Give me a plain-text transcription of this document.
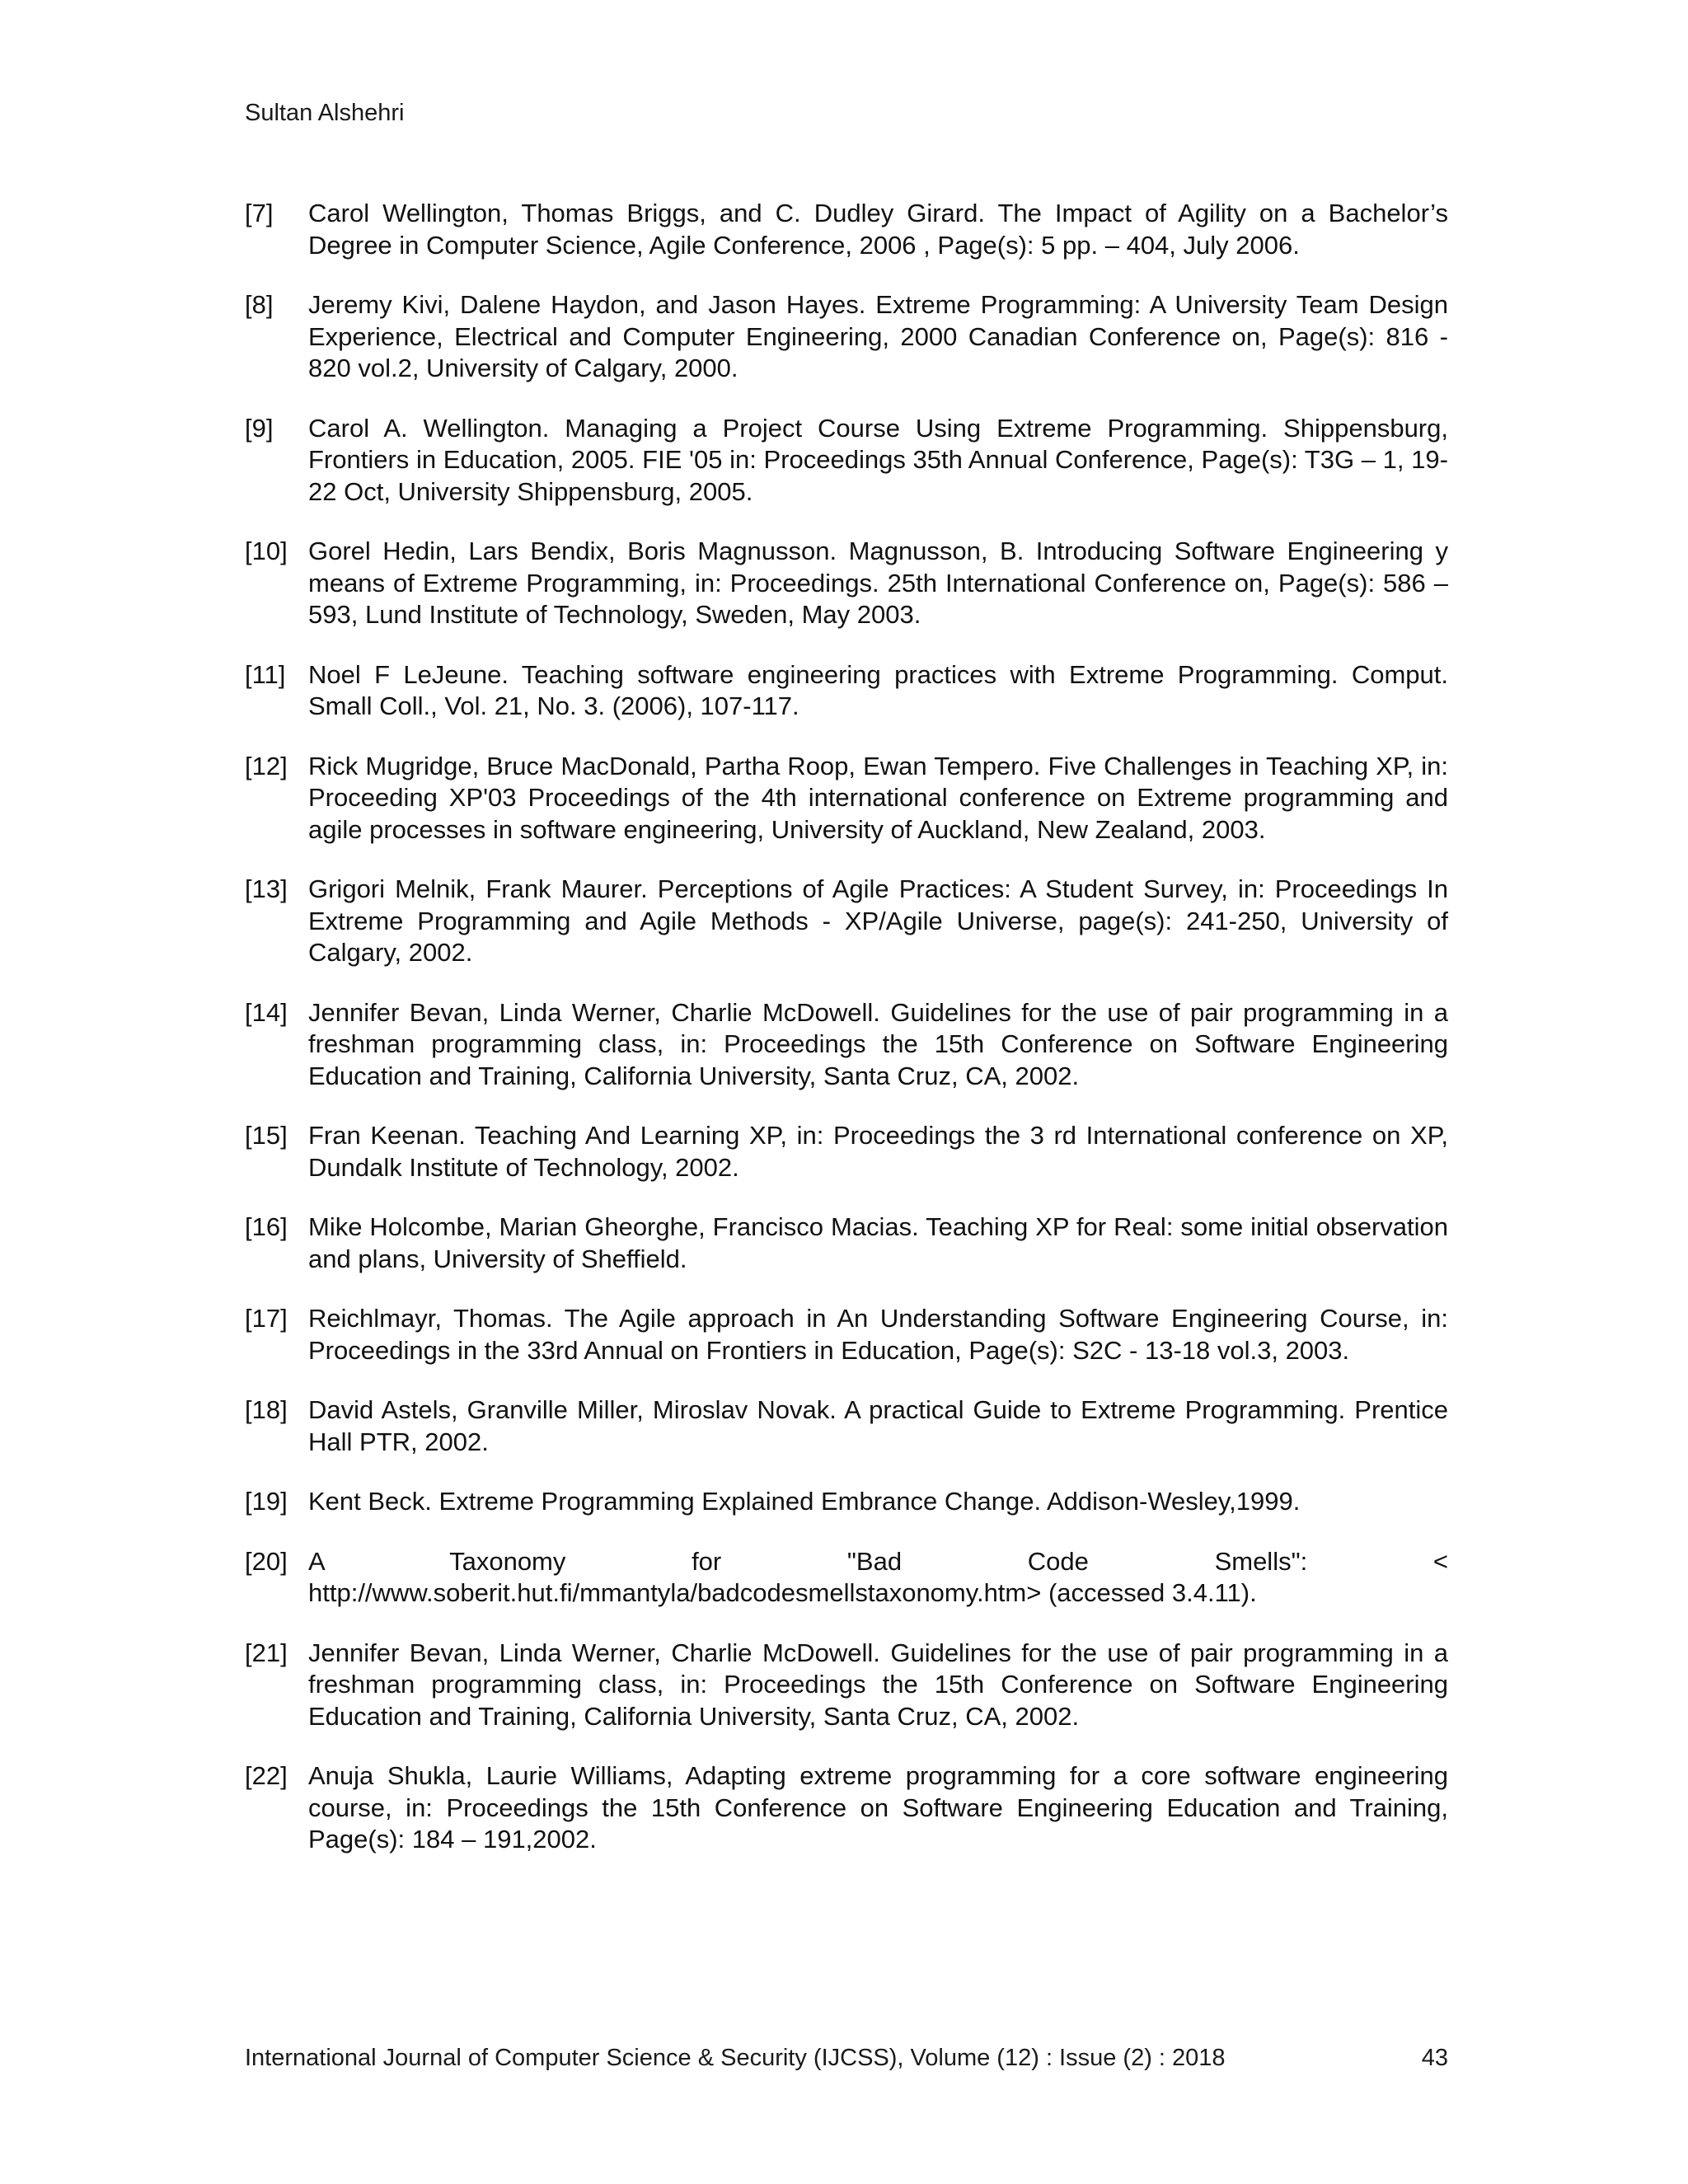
Sultan Alshehri
[7]	Carol Wellington, Thomas Briggs, and C. Dudley Girard. The Impact of Agility on a Bachelor’s Degree in Computer Science, Agile Conference, 2006 , Page(s): 5 pp. – 404, July 2006.
[8]	Jeremy Kivi, Dalene Haydon, and Jason Hayes. Extreme Programming: A University Team Design Experience, Electrical and Computer Engineering, 2000 Canadian Conference on, Page(s): 816 - 820 vol.2, University of Calgary, 2000.
[9]	Carol A. Wellington. Managing a Project Course Using Extreme Programming. Shippensburg, Frontiers in Education, 2005. FIE '05 in: Proceedings 35th Annual Conference, Page(s): T3G – 1, 19-22 Oct, University Shippensburg, 2005.
[10] Gorel Hedin, Lars Bendix, Boris Magnusson. Magnusson, B. Introducing Software Engineering y means of Extreme Programming, in: Proceedings. 25th International Conference on, Page(s): 586 – 593, Lund Institute of Technology, Sweden, May 2003.
[11] Noel F LeJeune. Teaching software engineering practices with Extreme Programming. Comput. Small Coll., Vol. 21, No. 3. (2006), 107-117.
[12] Rick Mugridge, Bruce MacDonald, Partha Roop, Ewan Tempero. Five Challenges in Teaching XP, in: Proceeding XP'03 Proceedings of the 4th international conference on Extreme programming and agile processes in software engineering, University of Auckland, New Zealand, 2003.
[13] Grigori Melnik, Frank Maurer. Perceptions of Agile Practices: A Student Survey, in: Proceedings In Extreme Programming and Agile Methods - XP/Agile Universe, page(s): 241-250, University of Calgary, 2002.
[14] Jennifer Bevan, Linda Werner, Charlie McDowell. Guidelines for the use of pair programming in a freshman programming class, in: Proceedings the 15th Conference on Software Engineering Education and Training, California University, Santa Cruz, CA, 2002.
[15] Fran Keenan. Teaching And Learning XP, in: Proceedings the 3 rd International conference on XP, Dundalk Institute of Technology, 2002.
[16] Mike Holcombe, Marian Gheorghe, Francisco Macias. Teaching XP for Real: some initial observation and plans, University of Sheffield.
[17] Reichlmayr, Thomas. The Agile approach in An Understanding Software Engineering Course, in: Proceedings in the 33rd Annual on Frontiers in Education, Page(s): S2C - 13-18 vol.3, 2003.
[18] David Astels, Granville Miller, Miroslav Novak. A practical Guide to Extreme Programming. Prentice Hall PTR, 2002.
[19] Kent Beck. Extreme Programming Explained Embrance Change. Addison-Wesley,1999.
[20] A Taxonomy for "Bad Code Smells": < http://www.soberit.hut.fi/mmantyla/badcodesmellstaxonomy.htm> (accessed 3.4.11).
[21] Jennifer Bevan, Linda Werner, Charlie McDowell. Guidelines for the use of pair programming in a freshman programming class, in: Proceedings the 15th Conference on Software Engineering Education and Training, California University, Santa Cruz, CA, 2002.
[22] Anuja Shukla, Laurie Williams, Adapting extreme programming for a core software engineering course, in: Proceedings the 15th Conference on Software Engineering Education and Training, Page(s): 184 – 191,2002.
International Journal of Computer Science & Security (IJCSS), Volume (12) : Issue (2) : 2018	43
